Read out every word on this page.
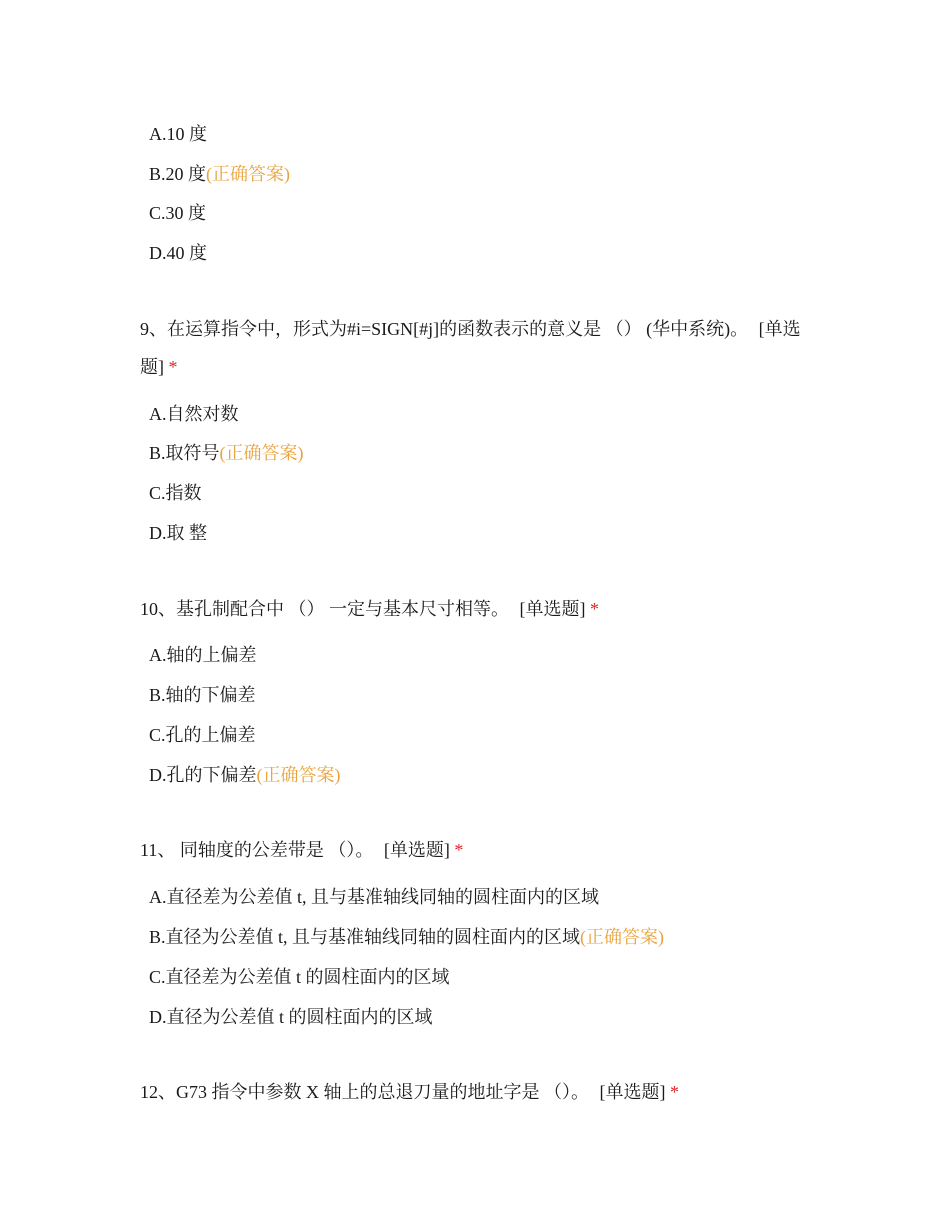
A.10 度
B.20 度(正确答案)
C.30 度
D.40 度
9、在运算指令中，形式为#i=SIGN[#j]的函数表示的意义是 （） (华中系统)。 [单选题] *
A.自然对数
B.取符号(正确答案)
C.指数
D.取 整
10、基孔制配合中 （） 一定与基本尺寸相等。 [单选题] *
A.轴的上偏差
B.轴的下偏差
C.孔的上偏差
D.孔的下偏差(正确答案)
11、 同轴度的公差带是 （）。 [单选题] *
A.直径差为公差值 t, 且与基准轴线同轴的圆柱面内的区域
B.直径为公差值 t, 且与基准轴线同轴的圆柱面内的区域(正确答案)
C.直径差为公差值 t 的圆柱面内的区域
D.直径为公差值 t 的圆柱面内的区域
12、G73 指令中参数 X 轴上的总退刀量的地址字是 （）。 [单选题] *
